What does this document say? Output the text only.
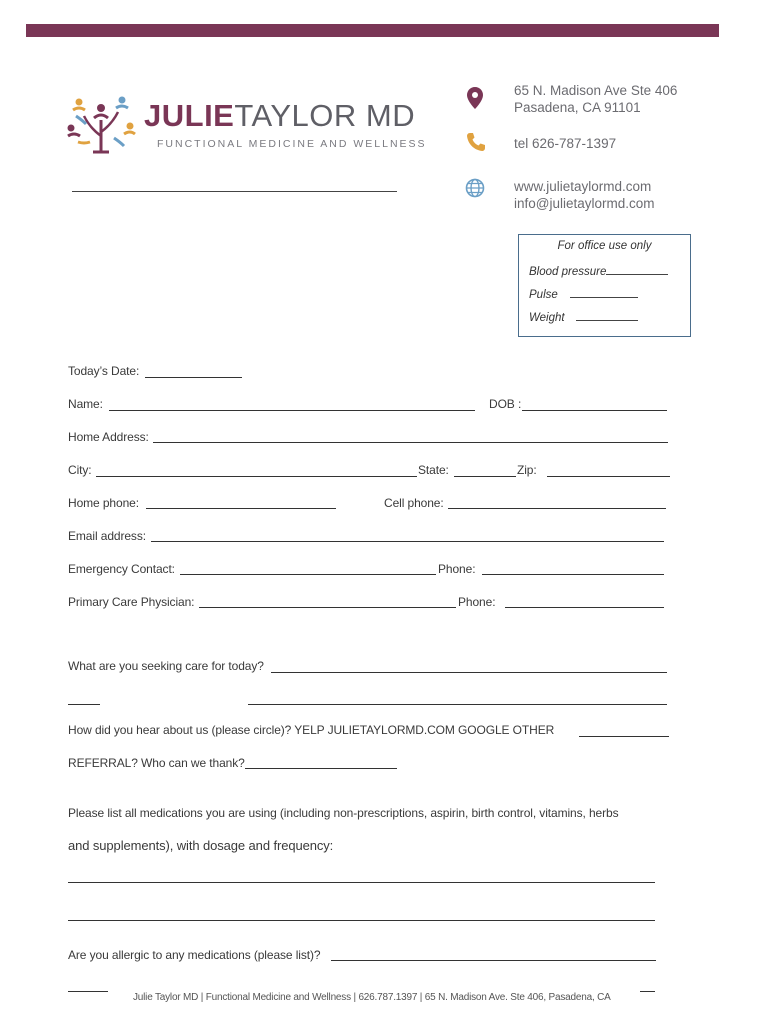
JULIETAYLOR MD
FUNCTIONAL MEDICINE AND WELLNESS
65 N. Madison Ave Ste 406
Pasadena, CA 91101
tel 626-787-1397
www.julietaylormd.com
info@julietaylormd.com
For office use only
Blood pressure
Pulse
Weight
Today’s Date:
Name:	DOB :
Home Address:
City:	State:	Zip:
Home phone:	Cell phone:
Email address:
Emergency Contact:	Phone:
Primary Care Physician:	Phone:
What are you seeking care for today?
How did you hear about us (please circle)? YELP JULIETAYLORMD.COM GOOGLE OTHER
REFERRAL? Who can we thank?
Please list all medications you are using (including non-prescriptions, aspirin, birth control, vitamins, herbs
and supplements), with dosage and frequency:
Are you allergic to any medications (please list)?
Julie Taylor MD | Functional Medicine and Wellness | 626.787.1397 | 65 N. Madison Ave. Ste 406, Pasadena, CA
